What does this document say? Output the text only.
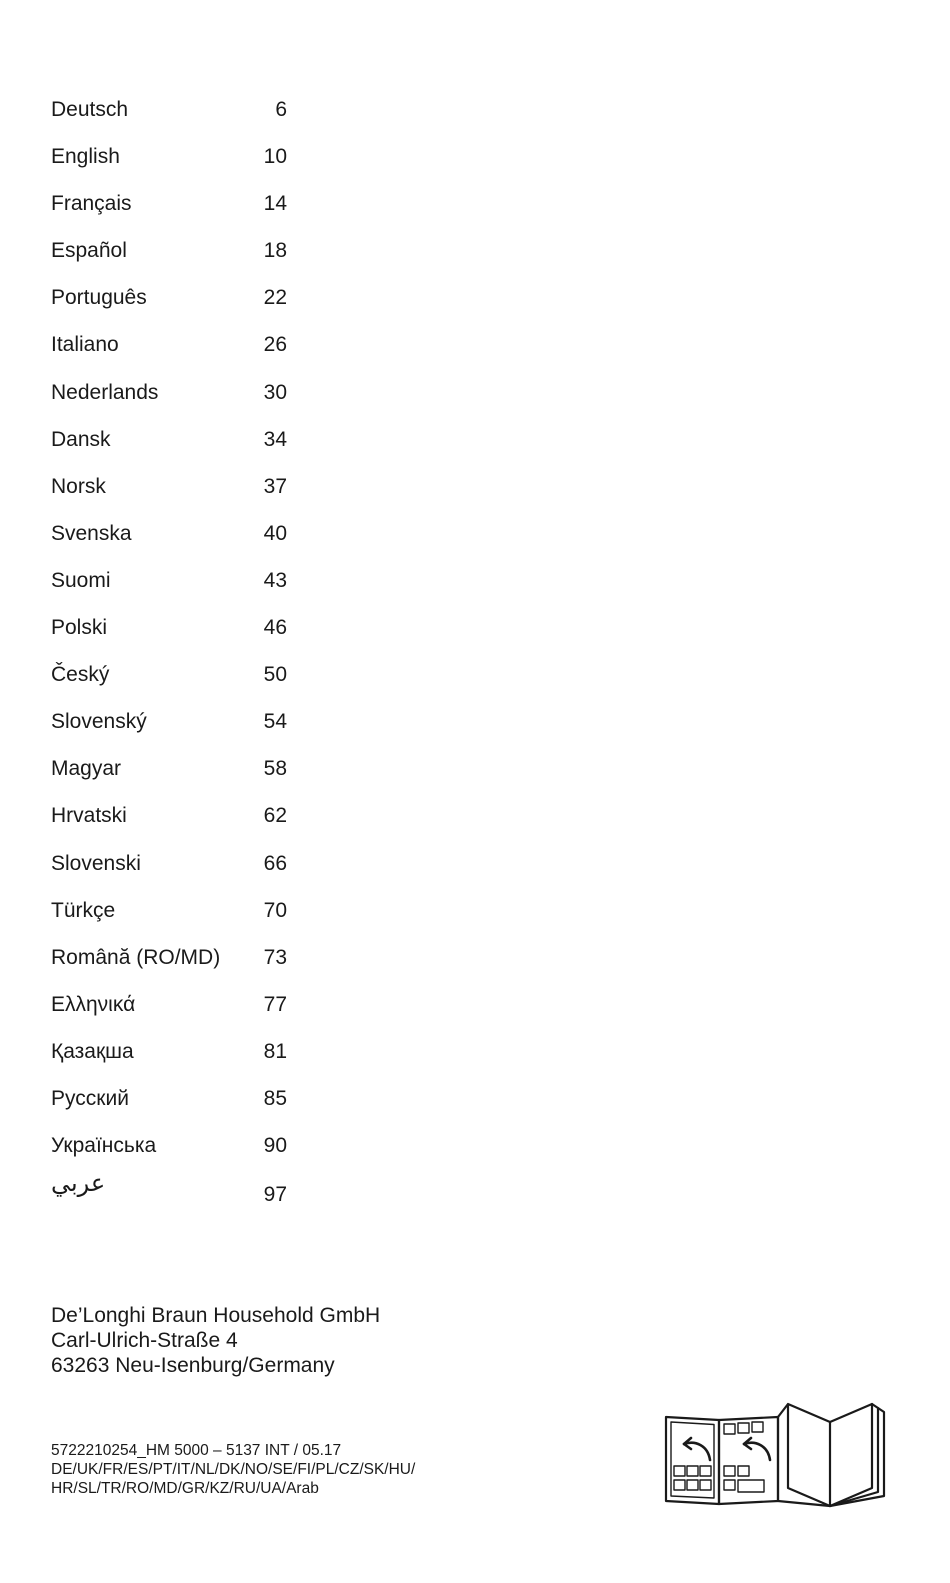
Deutsch	6
English	10
Français	14
Español	18
Português	22
Italiano	26
Nederlands	30
Dansk	34
Norsk	37
Svenska	40
Suomi	43
Polski	46
Český	50
Slovenský	54
Magyar	58
Hrvatski	62
Slovenski	66
Türkçe	70
Română (RO/MD) 73
Ελληνικά	77
Қазақша	81
Русский	85
Українська	90
عربي	97
De’Longhi Braun Household GmbH
Carl-Ulrich-Straße 4
63263 Neu-Isenburg/Germany
5722210254_HM 5000 – 5137 INT / 05.17
DE/UK/FR/ES/PT/IT/NL/DK/NO/SE/FI/PL/CZ/SK/HU/
HR/SL/TR/RO/MD/GR/KZ/RU/UA/Arab
